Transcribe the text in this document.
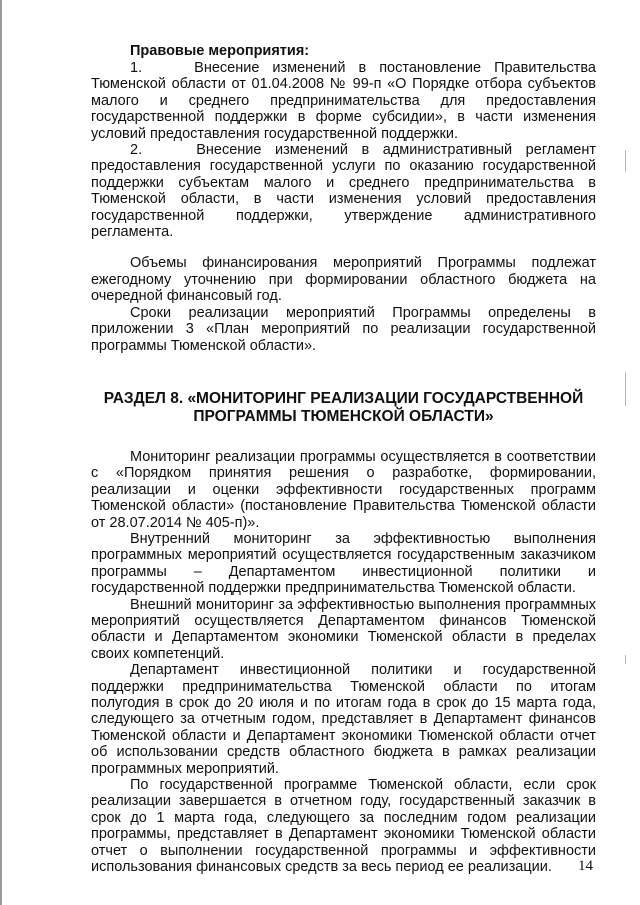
Правовые мероприятия:

1.    Внесение изменений в постановление Правительства Тюменской области от 01.04.2008 № 99-п «О Порядке отбора субъектов малого и среднего предпринимательства для предоставления государственной поддержки в форме субсидии», в части изменения условий предоставления государственной поддержки.

2.    Внесение изменений в административный регламент предоставления государственной услуги по оказанию государственной поддержки субъектам малого и среднего предпринимательства в Тюменской области, в части изменения условий предоставления государственной поддержки, утверждение административного регламента.

Объемы финансирования мероприятий Программы подлежат ежегодному уточнению при формировании областного бюджета на очередной финансовый год.

Сроки реализации мероприятий Программы определены в приложении 3 «План мероприятий по реализации государственной программы Тюменской области».

РАЗДЕЛ 8. «МОНИТОРИНГ РЕАЛИЗАЦИИ ГОСУДАРСТВЕННОЙ

ПРОГРАММЫ ТЮМЕНСКОЙ ОБЛАСТИ»

Мониторинг реализации программы осуществляется в соответствии с «Порядком принятия решения о разработке, формировании, реализации и оценки эффективности государственных программ Тюменской области» (постановление Правительства Тюменской области от 28.07.2014 № 405-п)».

Внутренний мониторинг за эффективностью выполнения программных мероприятий осуществляется государственным заказчиком программы – Департаментом инвестиционной политики и государственной поддержки предпринимательства Тюменской области.

Внешний мониторинг за эффективностью выполнения программных мероприятий осуществляется Департаментом финансов Тюменской области и Департаментом экономики Тюменской области в пределах своих компетенций.

Департамент инвестиционной политики и государственной поддержки предпринимательства Тюменской области по итогам полугодия в срок до 20 июля и по итогам года в срок до 15 марта года, следующего за отчетным годом, представляет в Департамент финансов Тюменской области и Департамент экономики Тюменской области отчет об использовании средств областного бюджета в рамках реализации программных мероприятий.

По государственной программе Тюменской области, если срок реализации завершается в отчетном году, государственный заказчик в срок до 1 марта года, следующего за последним годом реализации программы, представляет в Департамент экономики Тюменской области отчет о выполнении государственной программы и эффективности использования финансовых средств за весь период ее реализации.	14
